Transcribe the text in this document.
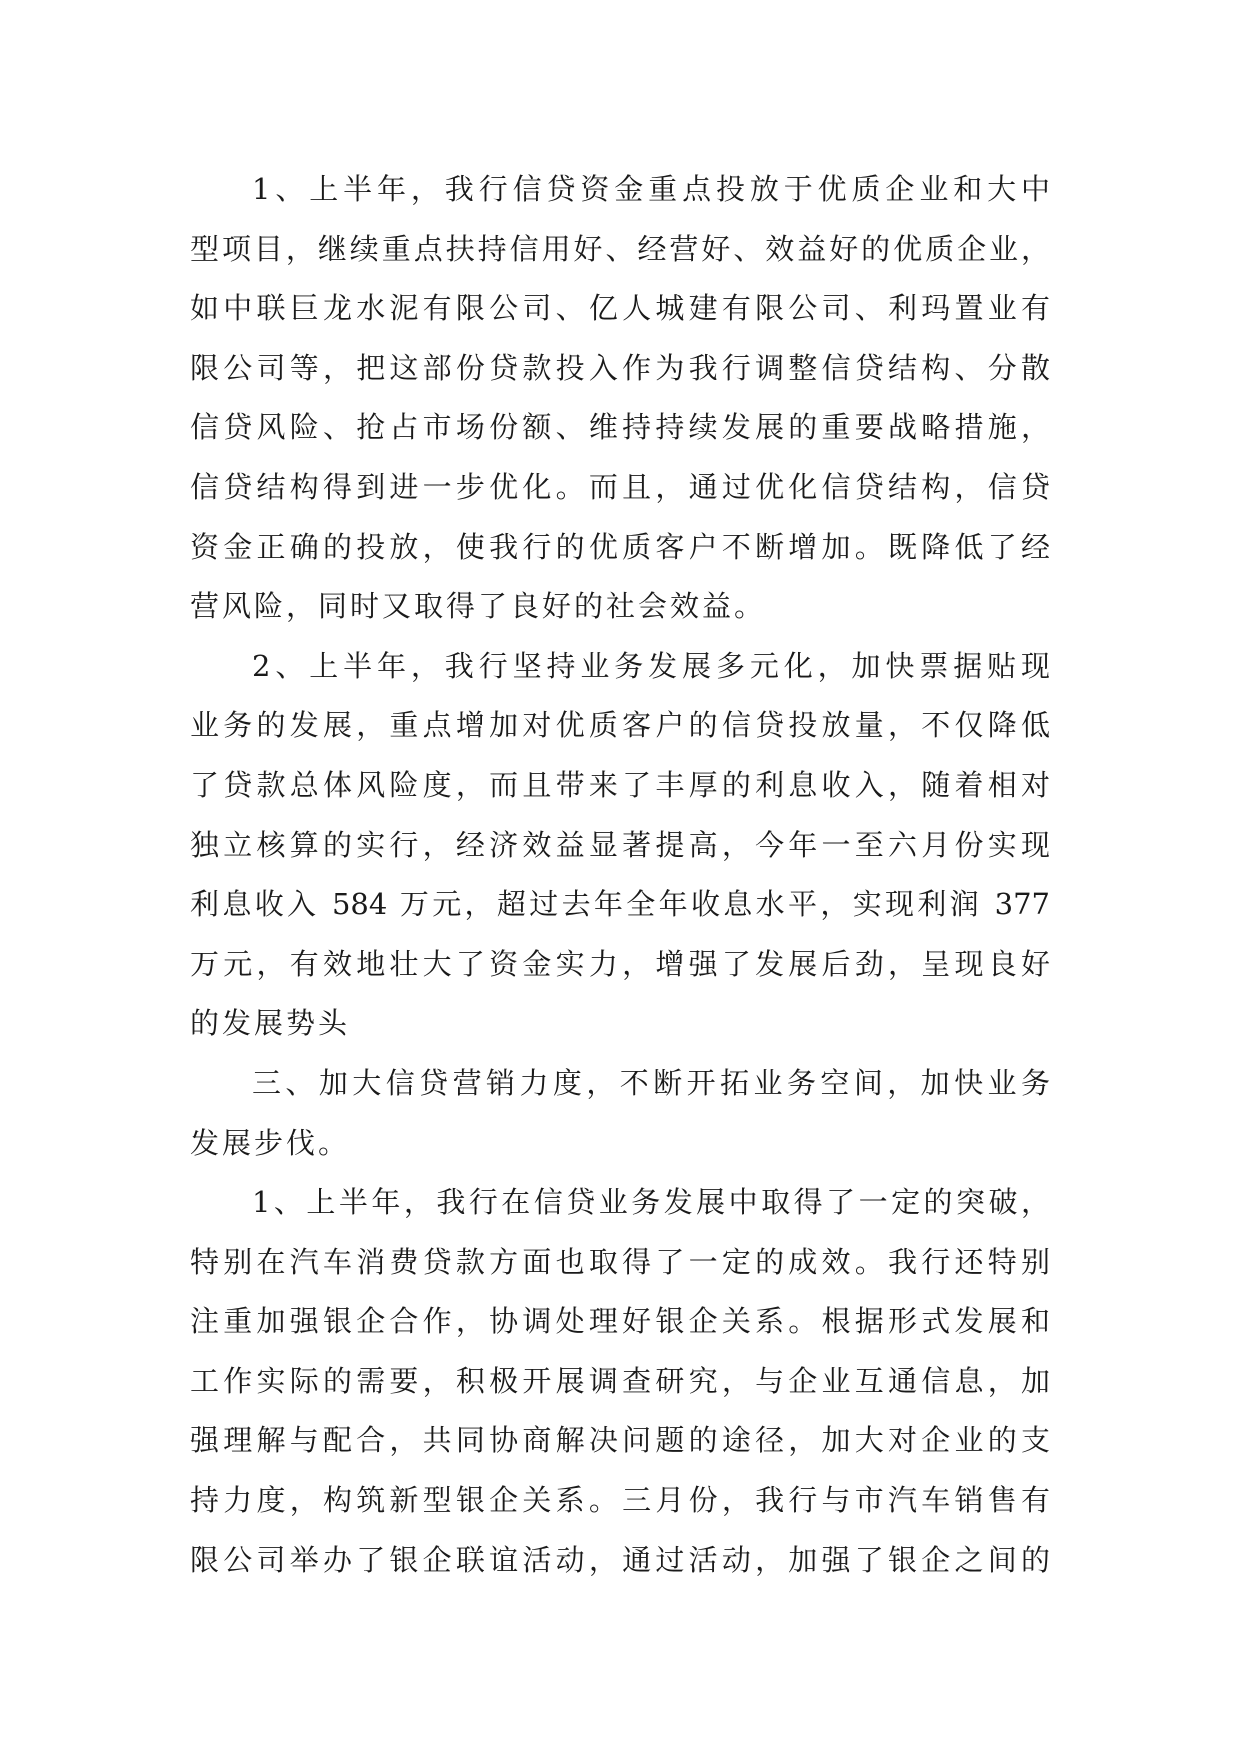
1、上半年，我行信贷资金重点投放于优质企业和大中
型项目，继续重点扶持信用好、经营好、效益好的优质企业，
如中联巨龙水泥有限公司、亿人城建有限公司、利玛置业有
限公司等，把这部份贷款投入作为我行调整信贷结构、分散
信贷风险、抢占市场份额、维持持续发展的重要战略措施，
信贷结构得到进一步优化。而且，通过优化信贷结构，信贷
资金正确的投放，使我行的优质客户不断增加。既降低了经
营风险，同时又取得了良好的社会效益。
2、上半年，我行坚持业务发展多元化，加快票据贴现
业务的发展，重点增加对优质客户的信贷投放量，不仅降低
了贷款总体风险度，而且带来了丰厚的利息收入，随着相对
独立核算的实行，经济效益显著提高，今年一至六月份实现
利息收入 584 万元，超过去年全年收息水平，实现利润 377
万元，有效地壮大了资金实力，增强了发展后劲，呈现良好
的发展势头
三、加大信贷营销力度，不断开拓业务空间，加快业务
发展步伐。
1、上半年，我行在信贷业务发展中取得了一定的突破，
特别在汽车消费贷款方面也取得了一定的成效。我行还特别
注重加强银企合作，协调处理好银企关系。根据形式发展和
工作实际的需要，积极开展调查研究，与企业互通信息，加
强理解与配合，共同协商解决问题的途径，加大对企业的支
持力度，构筑新型银企关系。三月份，我行与市汽车销售有
限公司举办了银企联谊活动，通过活动，加强了银企之间的
